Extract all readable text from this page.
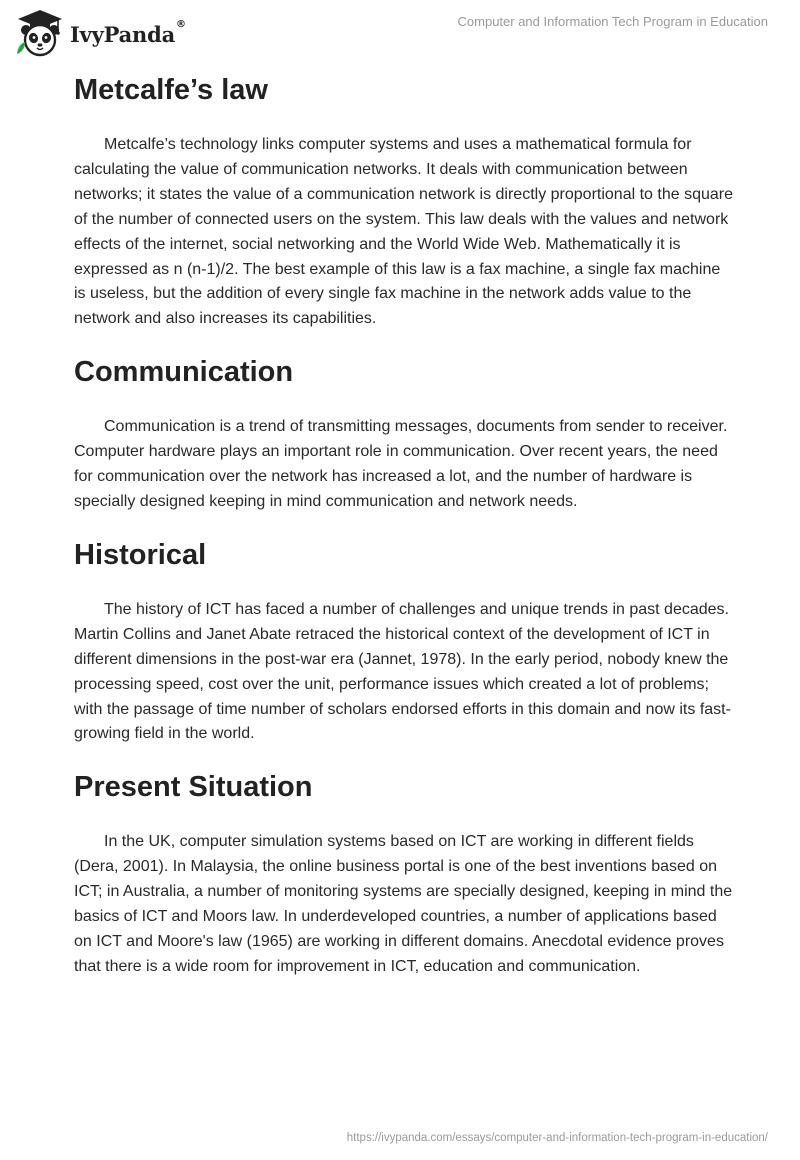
IvyPanda®	Computer and Information Tech Program in Education
Metcalfe’s law

Metcalfe’s technology links computer systems and uses a mathematical formula for calculating the value of communication networks. It deals with communication between networks; it states the value of a communication network is directly proportional to the square of the number of connected users on the system. This law deals with the values and network effects of the internet, social networking and the World Wide Web. Mathematically it is expressed as n (n-1)/2. The best example of this law is a fax machine, a single fax machine is useless, but the addition of every single fax machine in the network adds value to the network and also increases its capabilities.

Communication

Communication is a trend of transmitting messages, documents from sender to receiver. Computer hardware plays an important role in communication. Over recent years, the need for communication over the network has increased a lot, and the number of hardware is specially designed keeping in mind communication and network needs.

Historical

The history of ICT has faced a number of challenges and unique trends in past decades. Martin Collins and Janet Abate retraced the historical context of the development of ICT in different dimensions in the post-war era (Jannet, 1978). In the early period, nobody knew the processing speed, cost over the unit, performance issues which created a lot of problems; with the passage of time number of scholars endorsed efforts in this domain and now its fast-growing field in the world.

Present Situation

In the UK, computer simulation systems based on ICT are working in different fields (Dera, 2001). In Malaysia, the online business portal is one of the best inventions based on ICT; in Australia, a number of monitoring systems are specially designed, keeping in mind the basics of ICT and Moors law. In underdeveloped countries, a number of applications based on ICT and Moore's law (1965) are working in different domains. Anecdotal evidence proves that there is a wide room for improvement in ICT, education and communication.

https://ivypanda.com/essays/computer-and-information-tech-program-in-education/
